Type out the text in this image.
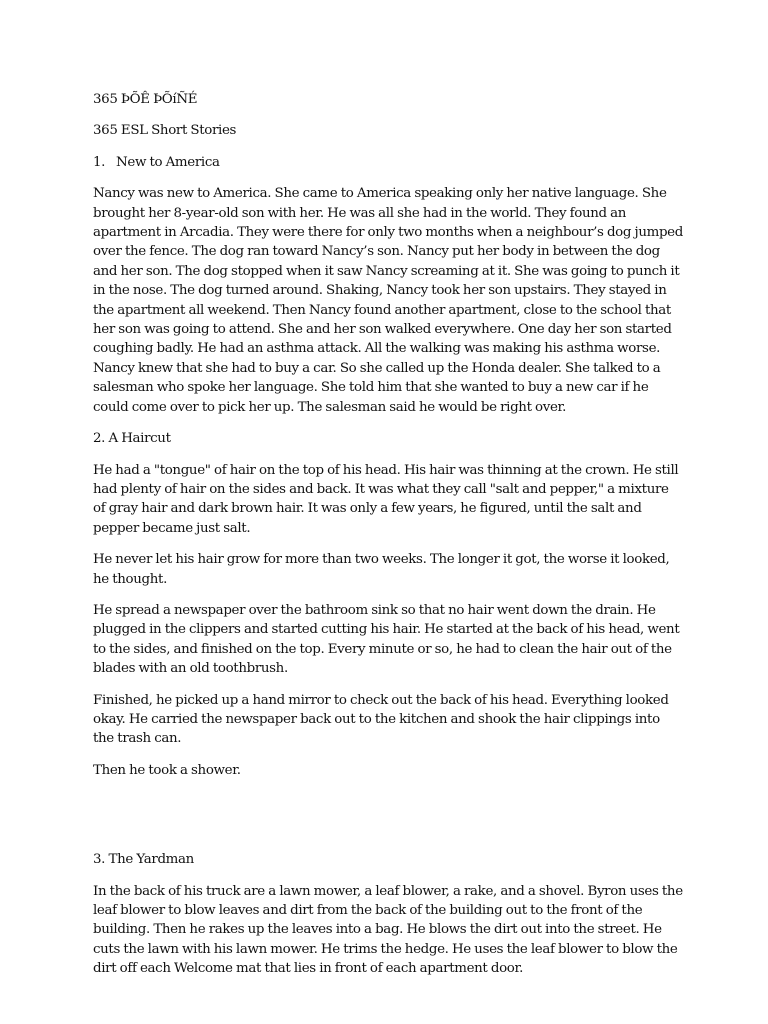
365 ÞÕÊ ÞÕíÑÉ

365 ESL Short Stories

1. New to America

Nancy was new to America. She came to America speaking only her native language. She brought her 8-year-old son with her. He was all she had in the world. They found an apartment in Arcadia. They were there for only two months when a neighbour’s dog jumped over the fence. The dog ran toward Nancy’s son. Nancy put her body in between the dog and her son. The dog stopped when it saw Nancy screaming at it. She was going to punch it in the nose. The dog turned around. Shaking, Nancy took her son upstairs. They stayed in the apartment all weekend. Then Nancy found another apartment, close to the school that her son was going to attend. She and her son walked everywhere. One day her son started coughing badly. He had an asthma attack. All the walking was making his asthma worse. Nancy knew that she had to buy a car. So she called up the Honda dealer. She talked to a salesman who spoke her language. She told him that she wanted to buy a new car if he could come over to pick her up. The salesman said he would be right over.

2. A Haircut

He had a "tongue" of hair on the top of his head. His hair was thinning at the crown. He still had plenty of hair on the sides and back. It was what they call "salt and pepper," a mixture of gray hair and dark brown hair. It was only a few years, he figured, until the salt and pepper became just salt.

He never let his hair grow for more than two weeks. The longer it got, the worse it looked, he thought.

He spread a newspaper over the bathroom sink so that no hair went down the drain. He plugged in the clippers and started cutting his hair. He started at the back of his head, went to the sides, and finished on the top. Every minute or so, he had to clean the hair out of the blades with an old toothbrush.

Finished, he picked up a hand mirror to check out the back of his head. Everything looked okay. He carried the newspaper back out to the kitchen and shook the hair clippings into the trash can.

Then he took a shower.

3. The Yardman

In the back of his truck are a lawn mower, a leaf blower, a rake, and a shovel. Byron uses the leaf blower to blow leaves and dirt from the back of the building out to the front of the building. Then he rakes up the leaves into a bag. He blows the dirt out into the street. He cuts the lawn with his lawn mower. He trims the hedge. He uses the leaf blower to blow the dirt off each Welcome mat that lies in front of each apartment door.
